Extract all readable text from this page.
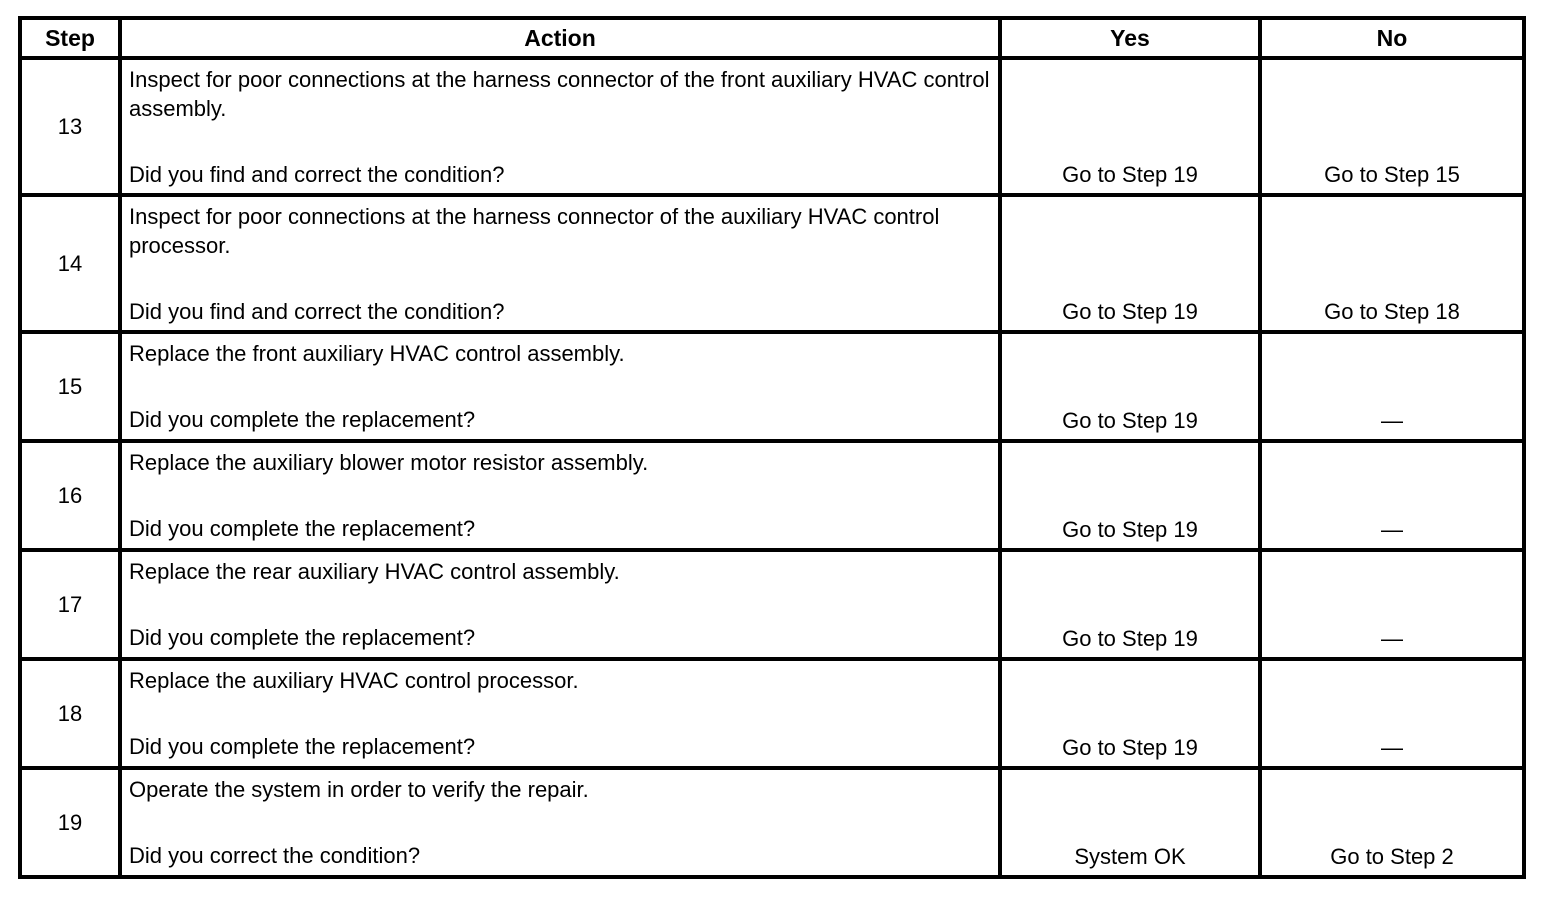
Step	Action	Yes	No
13	Inspect for poor connections at the harness connector of the front auxiliary HVAC control assembly.
Did you find and correct the condition?	Go to Step 19	Go to Step 15
14	Inspect for poor connections at the harness connector of the auxiliary HVAC control processor.
Did you find and correct the condition?	Go to Step 19	Go to Step 18
15	Replace the front auxiliary HVAC control assembly.
Did you complete the replacement?	Go to Step 19	—
16	Replace the auxiliary blower motor resistor assembly.
Did you complete the replacement?	Go to Step 19	—
17	Replace the rear auxiliary HVAC control assembly.
Did you complete the replacement?	Go to Step 19	—
18	Replace the auxiliary HVAC control processor.
Did you complete the replacement?	Go to Step 19	—
19	Operate the system in order to verify the repair.
Did you correct the condition?	System OK	Go to Step 2
